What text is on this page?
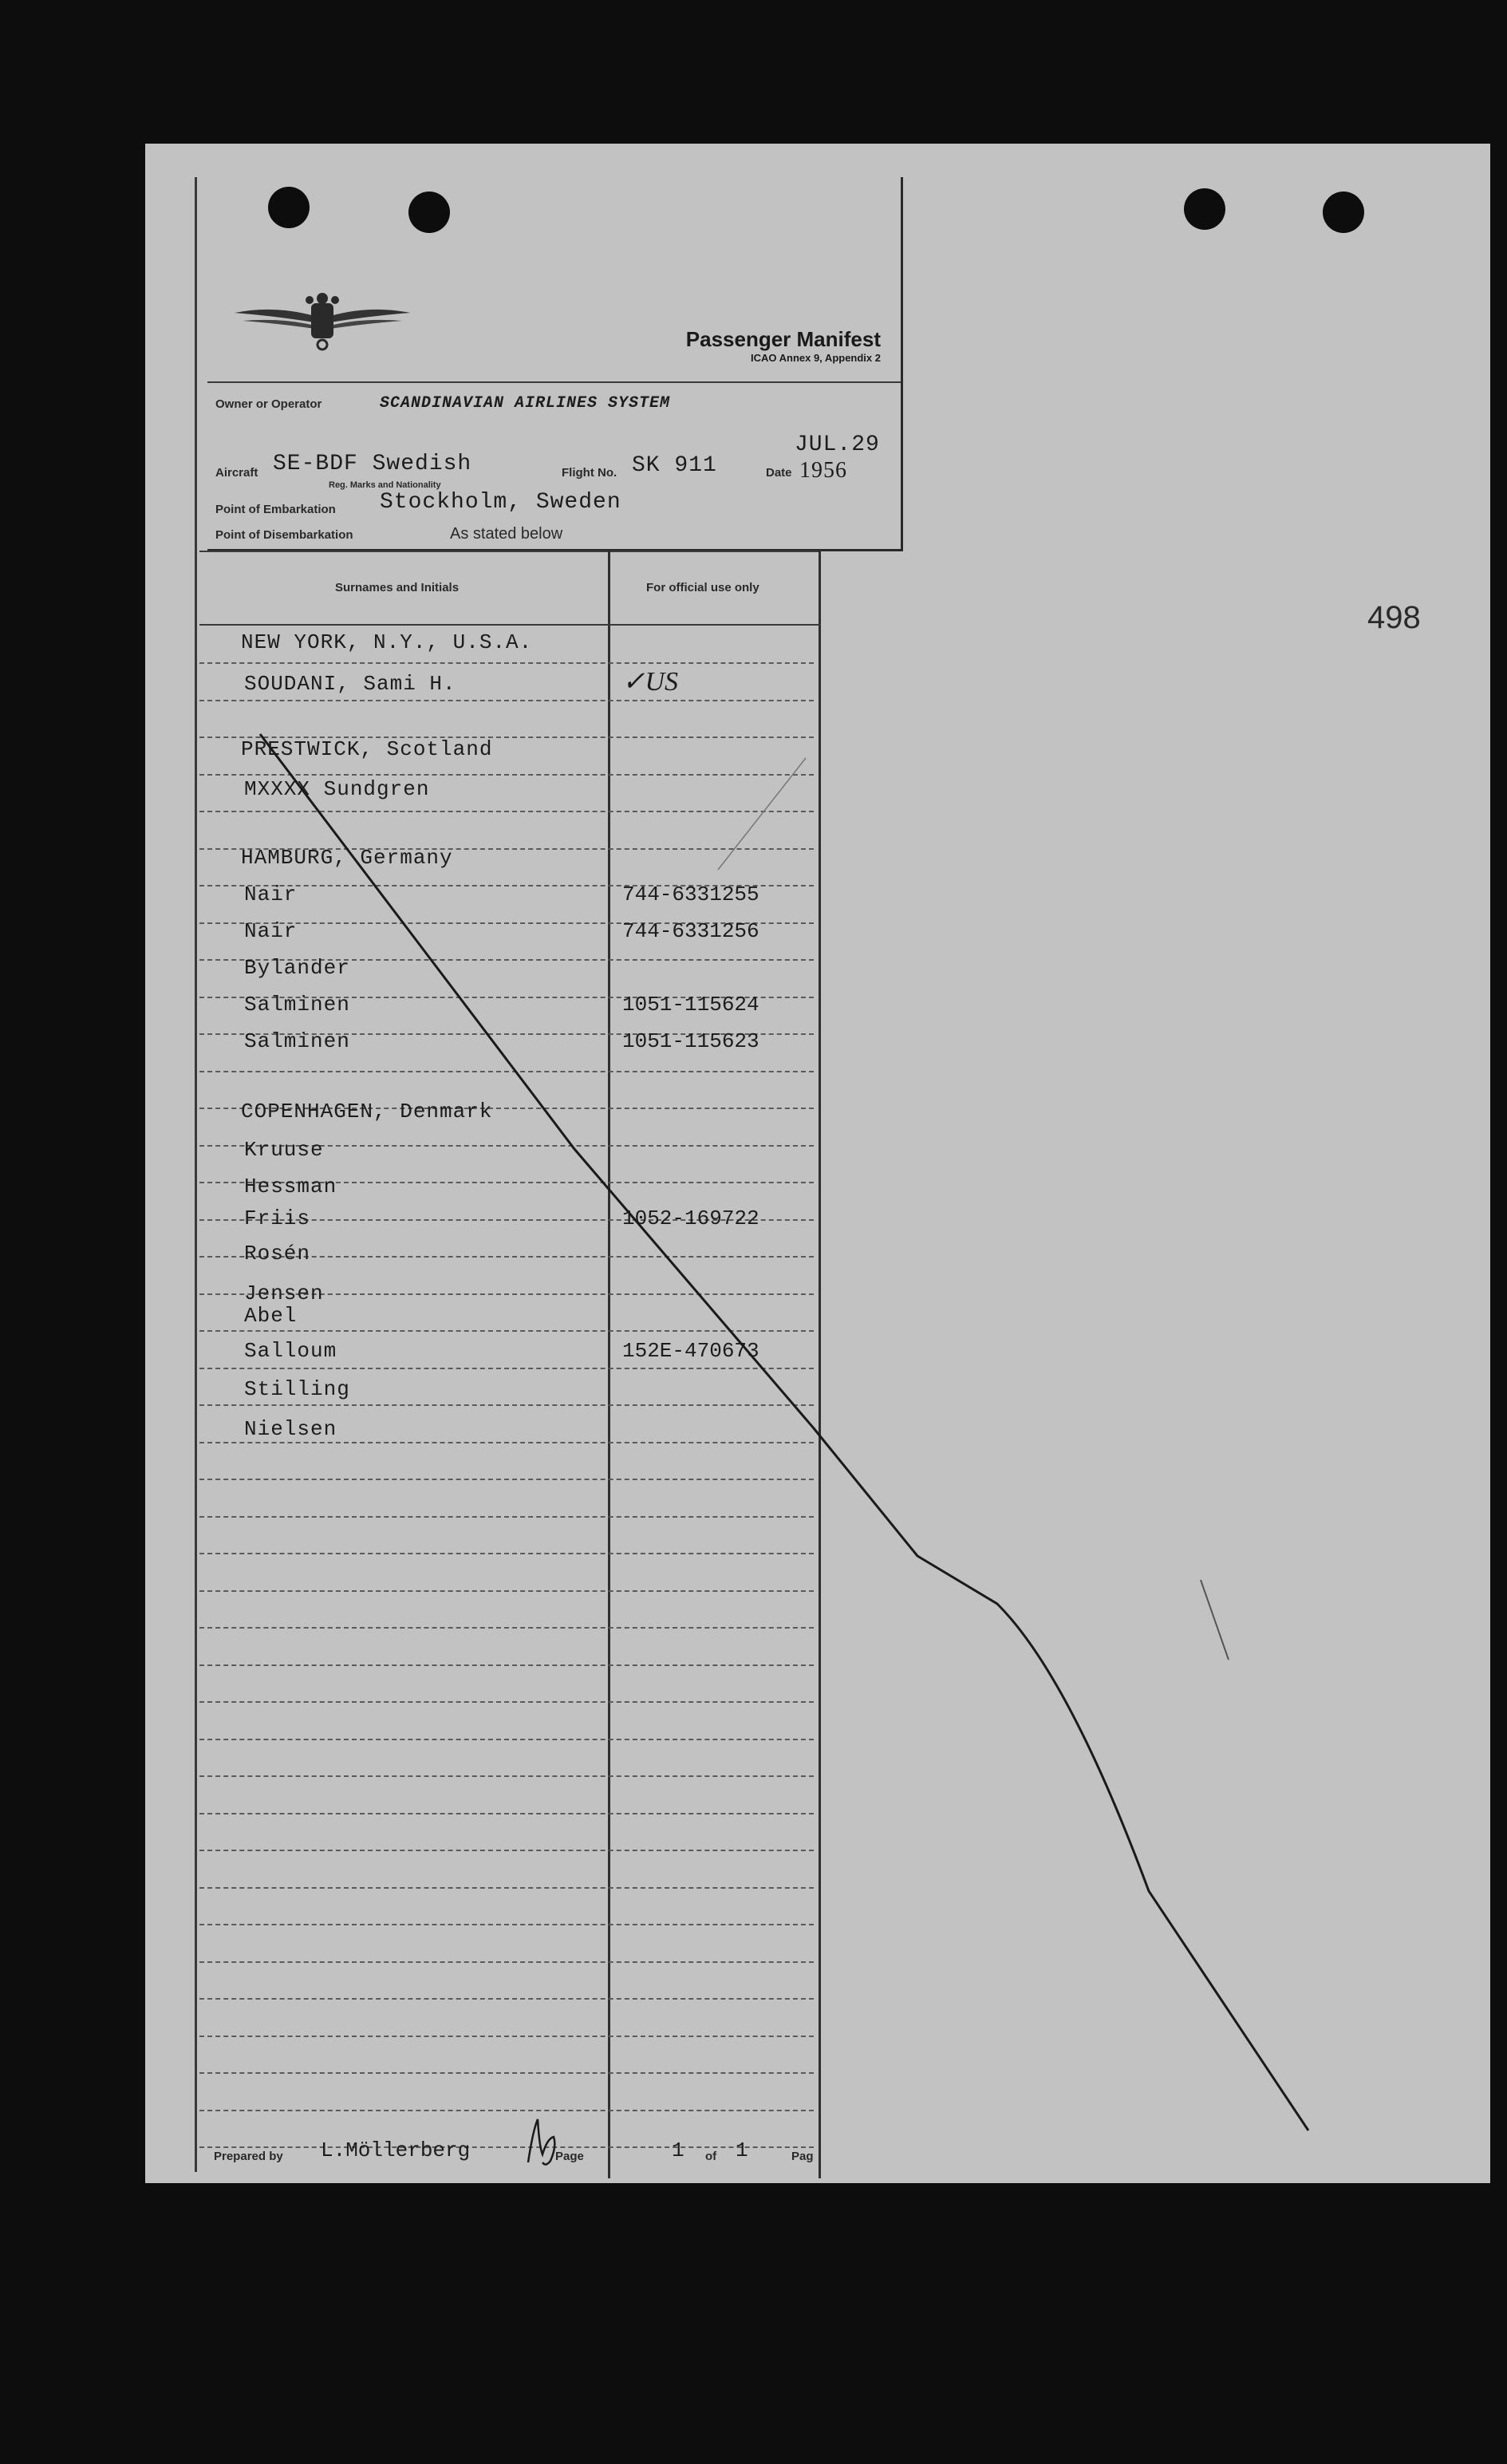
Passenger Manifest
ICAO Annex 9, Appendix 2
Owner or Operator	SCANDINAVIAN AIRLINES SYSTEM
Aircraft SE-BDF Swedish
Reg. Marks and Nationality
Flight No. SK 911	Date
JUL.29
1956
Point of Embarkation Stockholm, Sweden
Point of Disembarkation	As stated below
Surnames and Initials	For official use only
NEW YORK, N.Y., U.S.A.
SOUDANI, Sami H.	✓US
PRESTWICK, Scotland
MXXXX Sundgren
HAMBURG, Germany
Nair	744-6331255
Nair	744-6331256
Bylander
Salminen	1051-115624
Salminen	1051-115623
COPENHAGEN, Denmark
Kruuse
Hessman
Friis	1052-169722
Rosén
Jensen
Abel
Salloum	152E-470673
Stilling
Nielsen
Prepared by L.Möllerberg	Page	1 of 1	Pag
498
